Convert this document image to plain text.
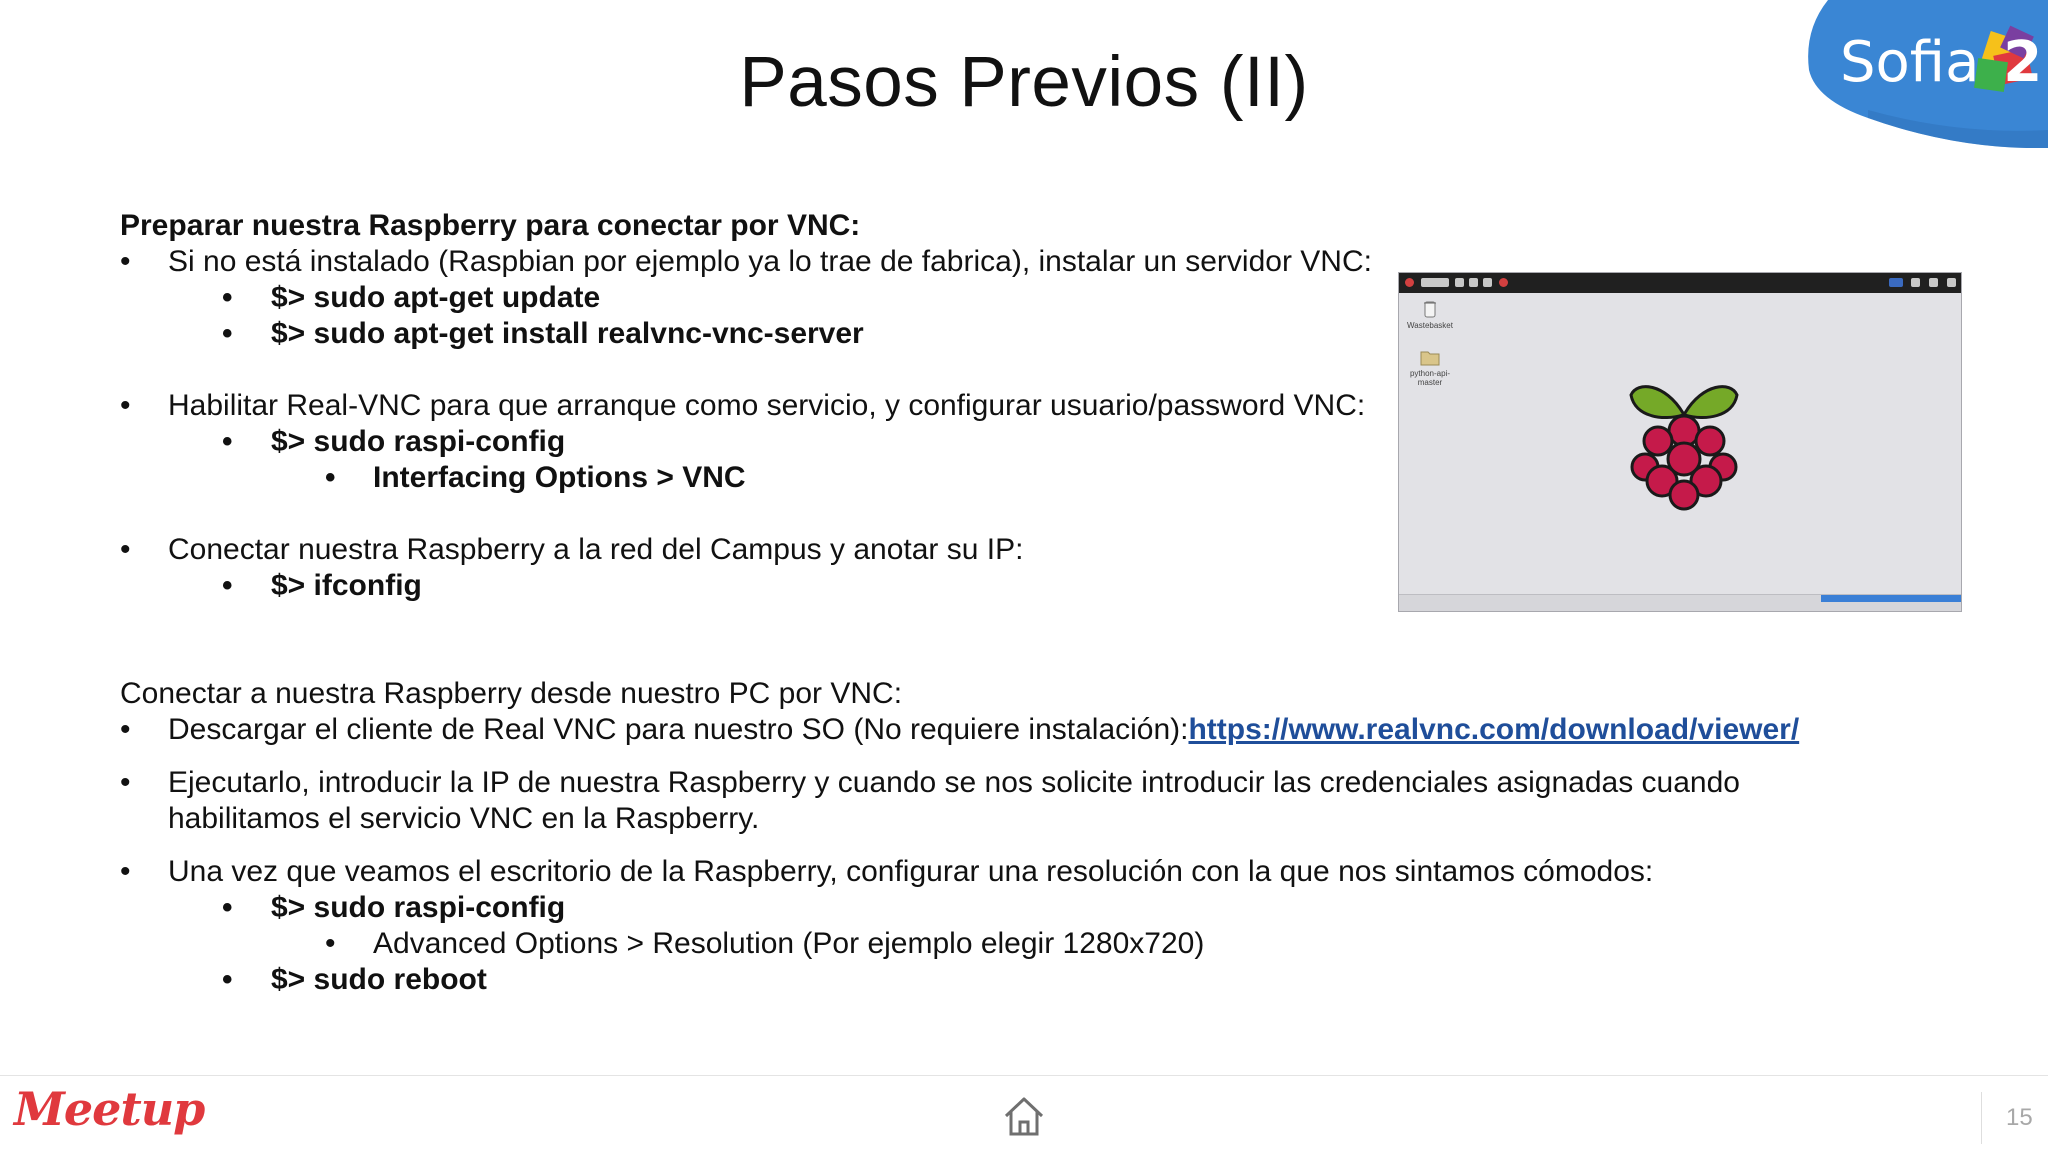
Pasos Previos (II)	Sofia 2
Preparar nuestra Raspberry para conectar por VNC:
• Si no está instalado (Raspbian por ejemplo ya lo trae de fabrica), instalar un servidor VNC:
• $> sudo apt-get update
• $> sudo apt-get install realvnc-vnc-server
• Habilitar Real-VNC para que arranque como servicio, y configurar usuario/password VNC:
• $> sudo raspi-config
• Interfacing Options > VNC
• Conectar nuestra Raspberry a la red del Campus y anotar su IP:
• $> ifconfig
Conectar a nuestra Raspberry desde nuestro PC por VNC:
• Descargar el cliente de Real VNC para nuestro SO (No requiere instalación):https://www.realvnc.com/download/viewer/
• Ejecutarlo, introducir la IP de nuestra Raspberry y cuando se nos solicite introducir las credenciales asignadas cuando habilitamos el servicio VNC en la Raspberry.
• Una vez que veamos el escritorio de la Raspberry, configurar una resolución con la que nos sintamos cómodos:
• $> sudo raspi-config
• Advanced Options > Resolution (Por ejemplo elegir 1280x720)
• $> sudo reboot
Wastebasket
python-api-master
Meetup	15
